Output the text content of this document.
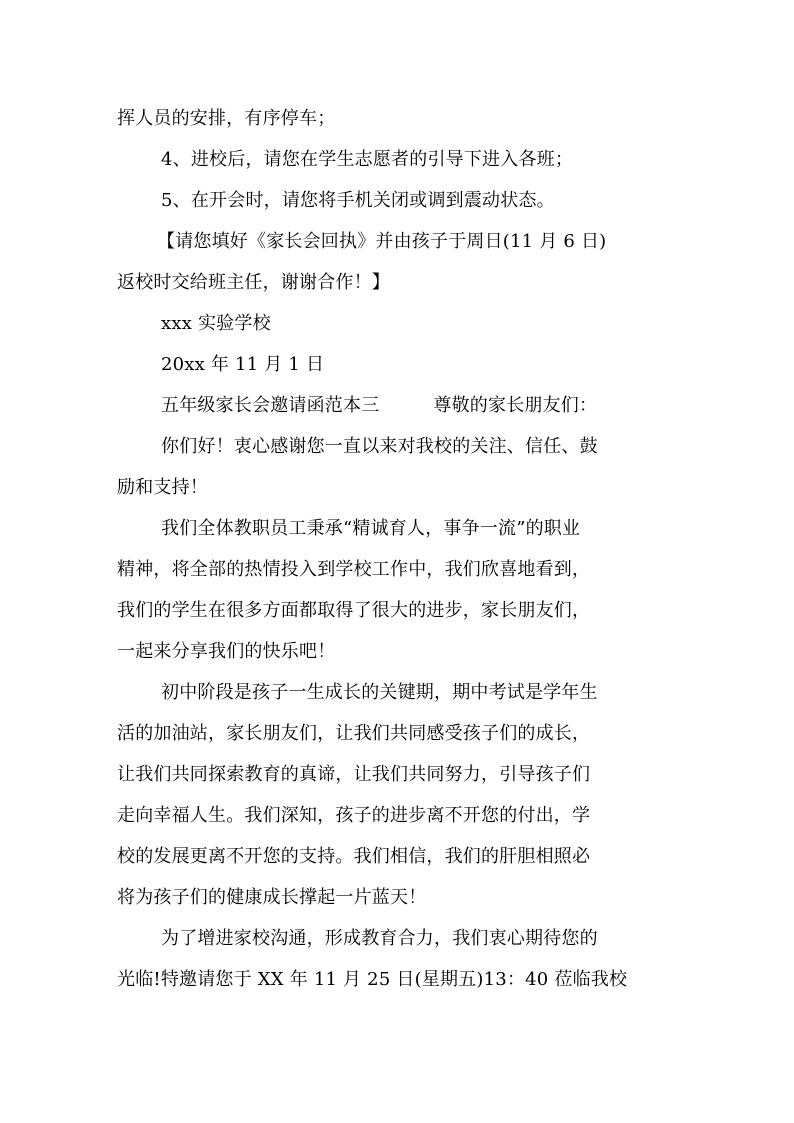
挥人员的安排，有序停车；
4、进校后，请您在学生志愿者的引导下进入各班；
5、在开会时，请您将手机关闭或调到震动状态。
【请您填好《家长会回执》并由孩子于周日(11 月 6 日)
返校时交给班主任，谢谢合作！】
xxx 实验学校
20xx 年 11 月 1 日
五年级家长会邀请函范本三	尊敬的家长朋友们：
你们好！衷心感谢您一直以来对我校的关注、信任、鼓
励和支持！
我们全体教职员工秉承“精诚育人，事争一流”的职业
精神，将全部的热情投入到学校工作中，我们欣喜地看到，
我们的学生在很多方面都取得了很大的进步，家长朋友们，
一起来分享我们的快乐吧！
初中阶段是孩子一生成长的关键期，期中考试是学年生
活的加油站，家长朋友们，让我们共同感受孩子们的成长，
让我们共同探索教育的真谛，让我们共同努力，引导孩子们
走向幸福人生。我们深知，孩子的进步离不开您的付出，学
校的发展更离不开您的支持。我们相信，我们的肝胆相照必
将为孩子们的健康成长撑起一片蓝天！
为了增进家校沟通，形成教育合力，我们衷心期待您的
光临!特邀请您于 XX 年 11 月 25 日(星期五)13：40 莅临我校
